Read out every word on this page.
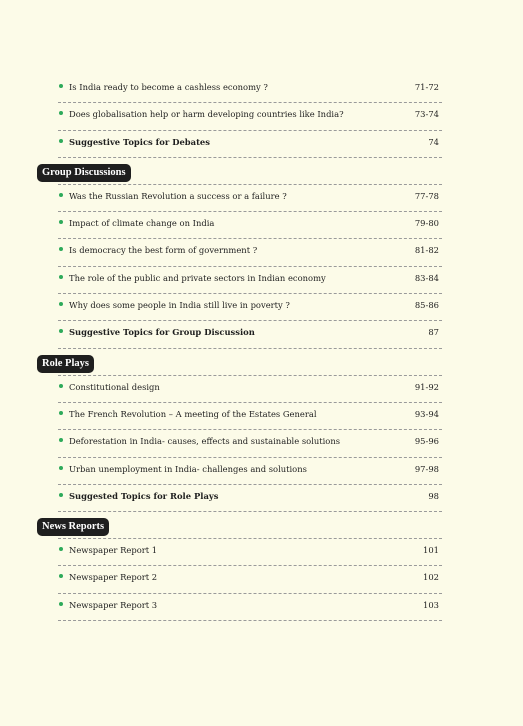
Is India ready to become a cashless economy ?	71-72
Does globalisation help or harm developing countries like India?	73-74
Suggestive Topics for Debates	74
Group Discussions
Was the Russian Revolution a success or a failure ?	77-78
Impact of climate change on India	79-80
Is democracy the best form of government ?	81-82
The role of the public and private sectors in Indian economy	83-84
Why does some people in India still live in poverty ?	85-86
Suggestive Topics for Group Discussion	87
Role Plays
Constitutional design	91-92
The French Revolution – A meeting of the Estates General	93-94
Deforestation in India- causes, effects and sustainable solutions	95-96
Urban unemployment in India- challenges and solutions	97-98
Suggested Topics for Role Plays	98
News Reports
Newspaper Report 1	101
Newspaper Report 2	102
Newspaper Report 3	103
